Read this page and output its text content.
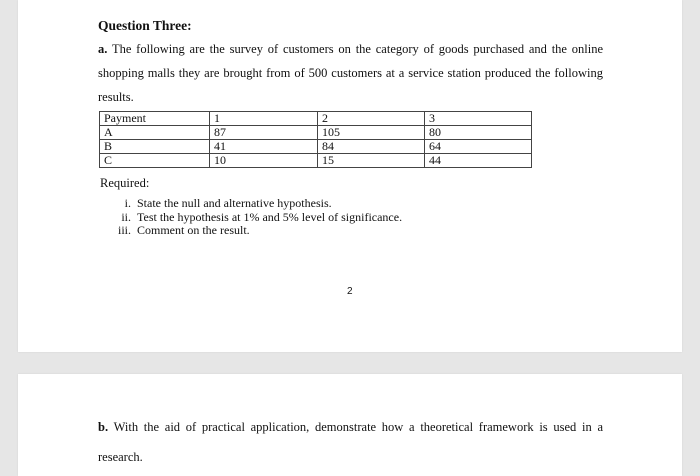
Question Three:
a. The following are the survey of customers on the category of goods purchased and the online shopping malls they are brought from of 500 customers at a service station produced the following results.
Payment	1	2	3
A	87	105	80
B	41	84	64
C	10	15	44
Required:
i. State the null and alternative hypothesis.
ii. Test the hypothesis at 1% and 5% level of significance.
iii. Comment on the result.
2
b. With the aid of practical application, demonstrate how a theoretical framework is used in a research.
